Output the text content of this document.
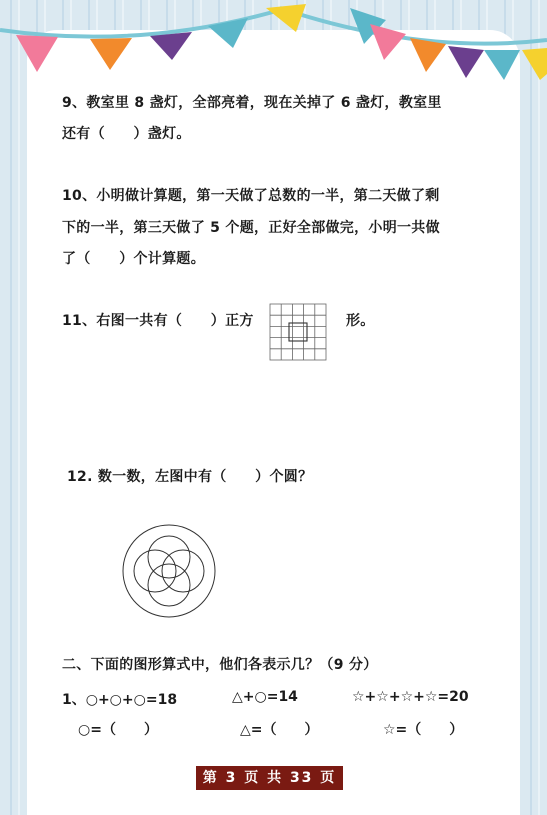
9、教室里 8 盏灯，全部亮着，现在关掉了 6 盏灯，教室里
还有（　　）盏灯。
10、小明做计算题，第一天做了总数的一半，第二天做了剩
下的一半，第三天做了 5 个题，正好全部做完，小明一共做
了（　　）个计算题。
11、右图一共有（　　）正方	形。
12. 数一数，左图中有（　　）个圆？
二、下面的图形算式中，他们各表示几？（9 分）
1、○+○+○=18	△+○=14	☆+☆+☆+☆=20
○=（　　）	△=（　　）	☆=（　　）
第 3 页 共 33 页
